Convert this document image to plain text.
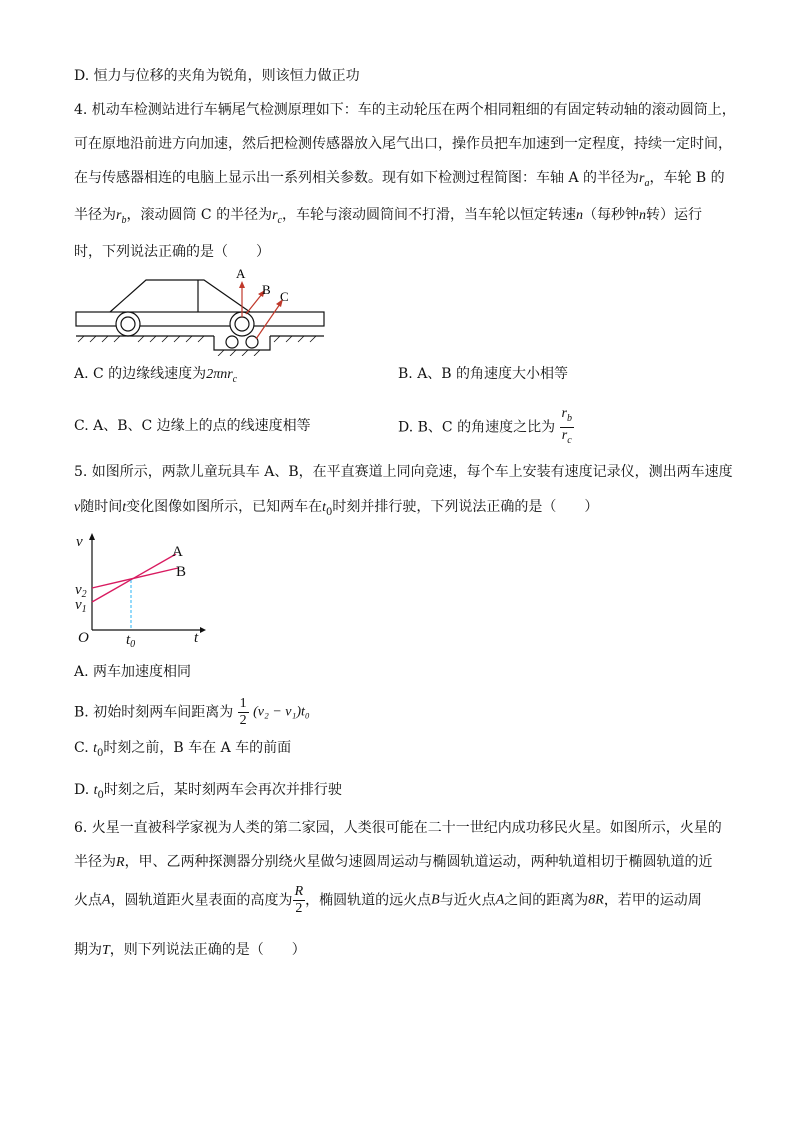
D. 恒力与位移的夹角为锐角，则该恒力做正功
4. 机动车检测站进行车辆尾气检测原理如下：车的主动轮压在两个相同粗细的有固定转动轴的滚动圆筒上，
可在原地沿前进方向加速，然后把检测传感器放入尾气出口，操作员把车加速到一定程度，持续一定时间，
在与传感器相连的电脑上显示出一系列相关参数。现有如下检测过程简图：车轴 A 的半径为$r_a$，车轮 B 的
半径为$r_b$，滚动圆筒 C 的半径为$r_c$，车轮与滚动圆筒间不打滑，当车轮以恒定转速n（每秒钟n转）运行
时，下列说法正确的是（　　）
A
B C
A. C 的边缘线速度为2πnr$_c$	B. A、B 的角速度大小相等
C. A、B、C 边缘上的点的线速度相等	D. B、C 的角速度之比为 $\frac{r_b}{r_c}$
5. 如图所示，两款儿童玩具车 A、B，在平直赛道上同向竞速，每个车上安装有速度记录仪，测出两车速度
v随时间t变化图像如图所示，已知两车在$t_0$时刻并排行驶，下列说法正确的是（　　）
v
t
O
A
B
$v_2$
$v_1$
$t_0$
A. 两车加速度相同
B. 初始时刻两车间距离为 $\frac{1}{2} (v_2 - v_1)t_0$
C. $t_0$时刻之前，B 车在 A 车的前面
D. $t_0$时刻之后，某时刻两车会再次并排行驶
6. 火星一直被科学家视为人类的第二家园，人类很可能在二十一世纪内成功移民火星。如图所示，火星的
半径为R，甲、乙两种探测器分别绕火星做匀速圆周运动与椭圆轨道运动，两种轨道相切于椭圆轨道的近
火点A，圆轨道距火星表面的高度为 $\frac{R}{2}$ ，椭圆轨道的远火点B与近火点A之间的距离为8R，若甲的运动周
期为T，则下列说法正确的是（　　）
